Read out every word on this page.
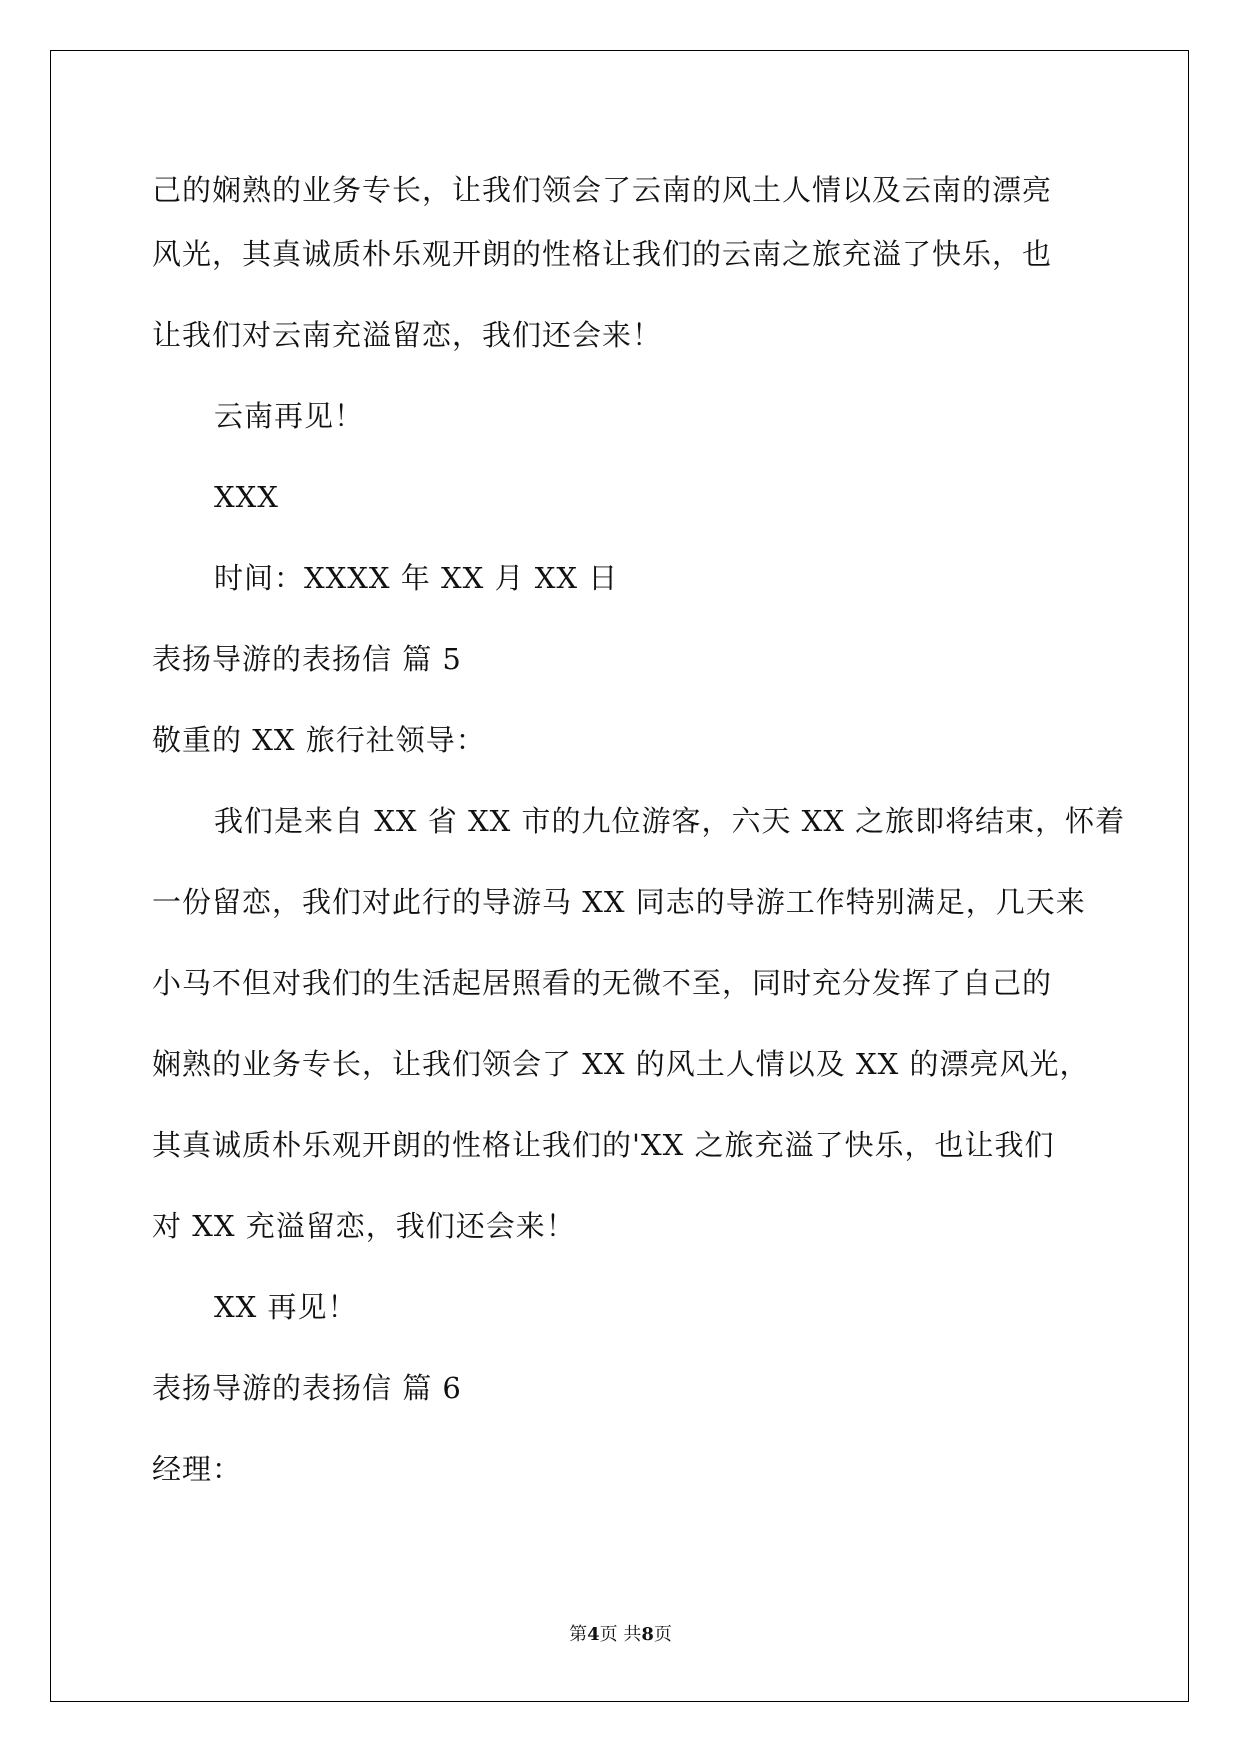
己的娴熟的业务专长，让我们领会了云南的风土人情以及云南的漂亮

风光，其真诚质朴乐观开朗的性格让我们的云南之旅充溢了快乐，也

让我们对云南充溢留恋，我们还会来！

云南再见！

XXX

时间：XXXX 年 XX 月 XX 日

表扬导游的表扬信 篇 5

敬重的 XX 旅行社领导：

我们是来自 XX 省 XX 市的九位游客，六天 XX 之旅即将结束，怀着

一份留恋，我们对此行的导游马 XX 同志的导游工作特别满足，几天来

小马不但对我们的生活起居照看的无微不至，同时充分发挥了自己的

娴熟的业务专长，让我们领会了 XX 的风土人情以及 XX 的漂亮风光，

其真诚质朴乐观开朗的性格让我们的'XX 之旅充溢了快乐，也让我们

对 XX 充溢留恋，我们还会来！

XX 再见！

表扬导游的表扬信 篇 6

经理：

第4页 共8页
